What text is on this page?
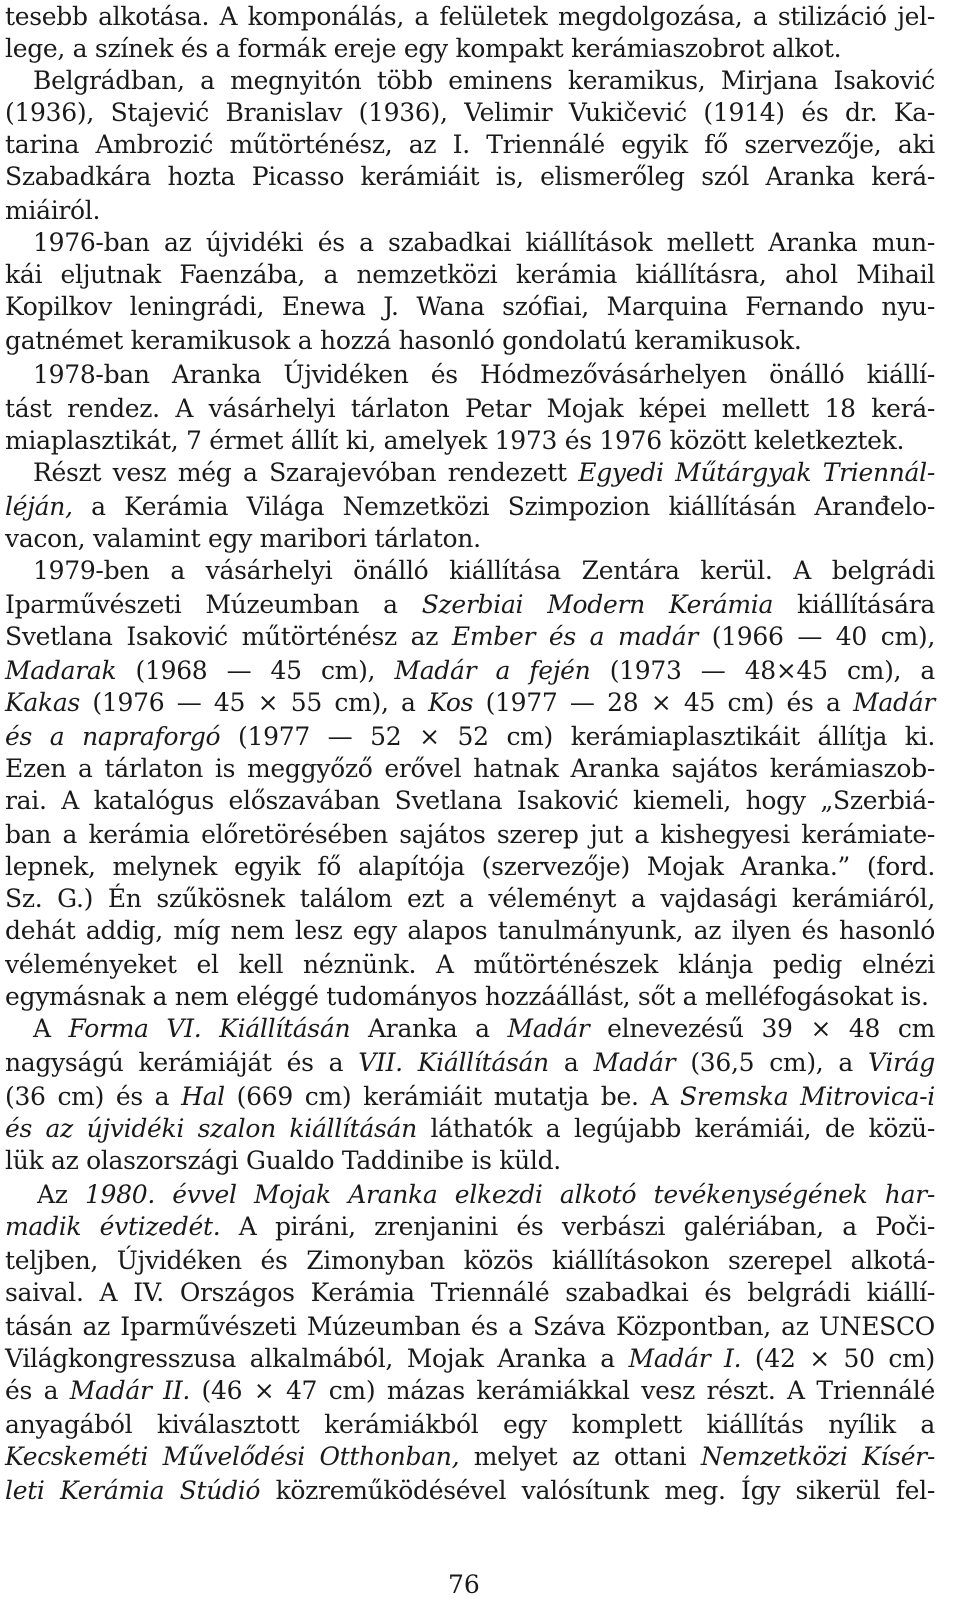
tesebb alkotása. A komponálás, a felületek megdolgozása, a stilizáció jel-
lege, a színek és a formák ereje egy kompakt kerámiaszobrot alkot.
Belgrádban, a megnyitón több eminens keramikus, Mirjana Isaković
(1936), Stajević Branislav (1936), Velimir Vukičević (1914) és dr. Ka-
tarina Ambrozić műtörténész, az I. Triennálé egyik fő szervezője, aki
Szabadkára hozta Picasso kerámiáit is, elismerőleg szól Aranka kerá-
miáiról.
1976-ban az újvidéki és a szabadkai kiállítások mellett Aranka mun-
kái eljutnak Faenzába, a nemzetközi kerámia kiállításra, ahol Mihail
Kopilkov leningrádi, Enewa J. Wana szófiai, Marquina Fernando nyu-
gatnémet keramikusok a hozzá hasonló gondolatú keramikusok.
1978-ban Aranka Újvidéken és Hódmezővásárhelyen önálló kiállí-
tást rendez. A vásárhelyi tárlaton Petar Mojak képei mellett 18 kerá-
miaplasztikát, 7 érmet állít ki, amelyek 1973 és 1976 között keletkeztek.
Részt vesz még a Szarajevóban rendezett Egyedi Műtárgyak Triennál-
léján, a Kerámia Világa Nemzetközi Szimpozion kiállításán Aranđelo-
vacon, valamint egy maribori tárlaton.
1979-ben a vásárhelyi önálló kiállítása Zentára kerül. A belgrádi
Iparművészeti Múzeumban a Szerbiai Modern Kerámia kiállítására
Svetlana Isaković műtörténész az Ember és a madár (1966 — 40 cm),
Madarak (1968 — 45 cm), Madár a fején (1973 — 48×45 cm), a
Kakas (1976 — 45 × 55 cm), a Kos (1977 — 28 × 45 cm) és a Madár
és a napraforgó (1977 — 52 × 52 cm) kerámiaplasztikáit állítja ki.
Ezen a tárlaton is meggyőző erővel hatnak Aranka sajátos kerámiaszob-
rai. A katalógus előszavában Svetlana Isaković kiemeli, hogy „Szerbiá-
ban a kerámia előretörésében sajátos szerep jut a kishegyesi kerámiate-
lepnek, melynek egyik fő alapítója (szervezője) Mojak Aranka.” (ford.
Sz. G.) Én szűkösnek találom ezt a véleményt a vajdasági kerámiáról,
dehát addig, míg nem lesz egy alapos tanulmányunk, az ilyen és hasonló
véleményeket el kell néznünk. A műtörténészek klánja pedig elnézi
egymásnak a nem eléggé tudományos hozzáállást, sőt a melléfogásokat is.
A Forma VI. Kiállításán Aranka a Madár elnevezésű 39 × 48 cm
nagyságú kerámiáját és a VII. Kiállításán a Madár (36,5 cm), a Virág
(36 cm) és a Hal (669 cm) kerámiáit mutatja be. A Sremska Mitrovica-i
és az újvidéki szalon kiállításán láthatók a legújabb kerámiái, de közü-
lük az olaszországi Gualdo Taddinibe is küld.
Az 1980. évvel Mojak Aranka elkezdi alkotó tevékenységének har-
madik évtizedét. A piráni, zrenjanini és verbászi galériában, a Poči-
teljben, Újvidéken és Zimonyban közös kiállításokon szerepel alkotá-
saival. A IV. Országos Kerámia Triennálé szabadkai és belgrádi kiállí-
tásán az Iparművészeti Múzeumban és a Száva Központban, az UNESCO
Világkongresszusa alkalmából, Mojak Aranka a Madár I. (42 × 50 cm)
és a Madár II. (46 × 47 cm) mázas kerámiákkal vesz részt. A Triennálé
anyagából kiválasztott kerámiákból egy komplett kiállítás nyílik a
Kecskeméti Művelődési Otthonban, melyet az ottani Nemzetközi Kísér-
leti Kerámia Stúdió közreműködésével valósítunk meg. Így sikerül fel-
76
